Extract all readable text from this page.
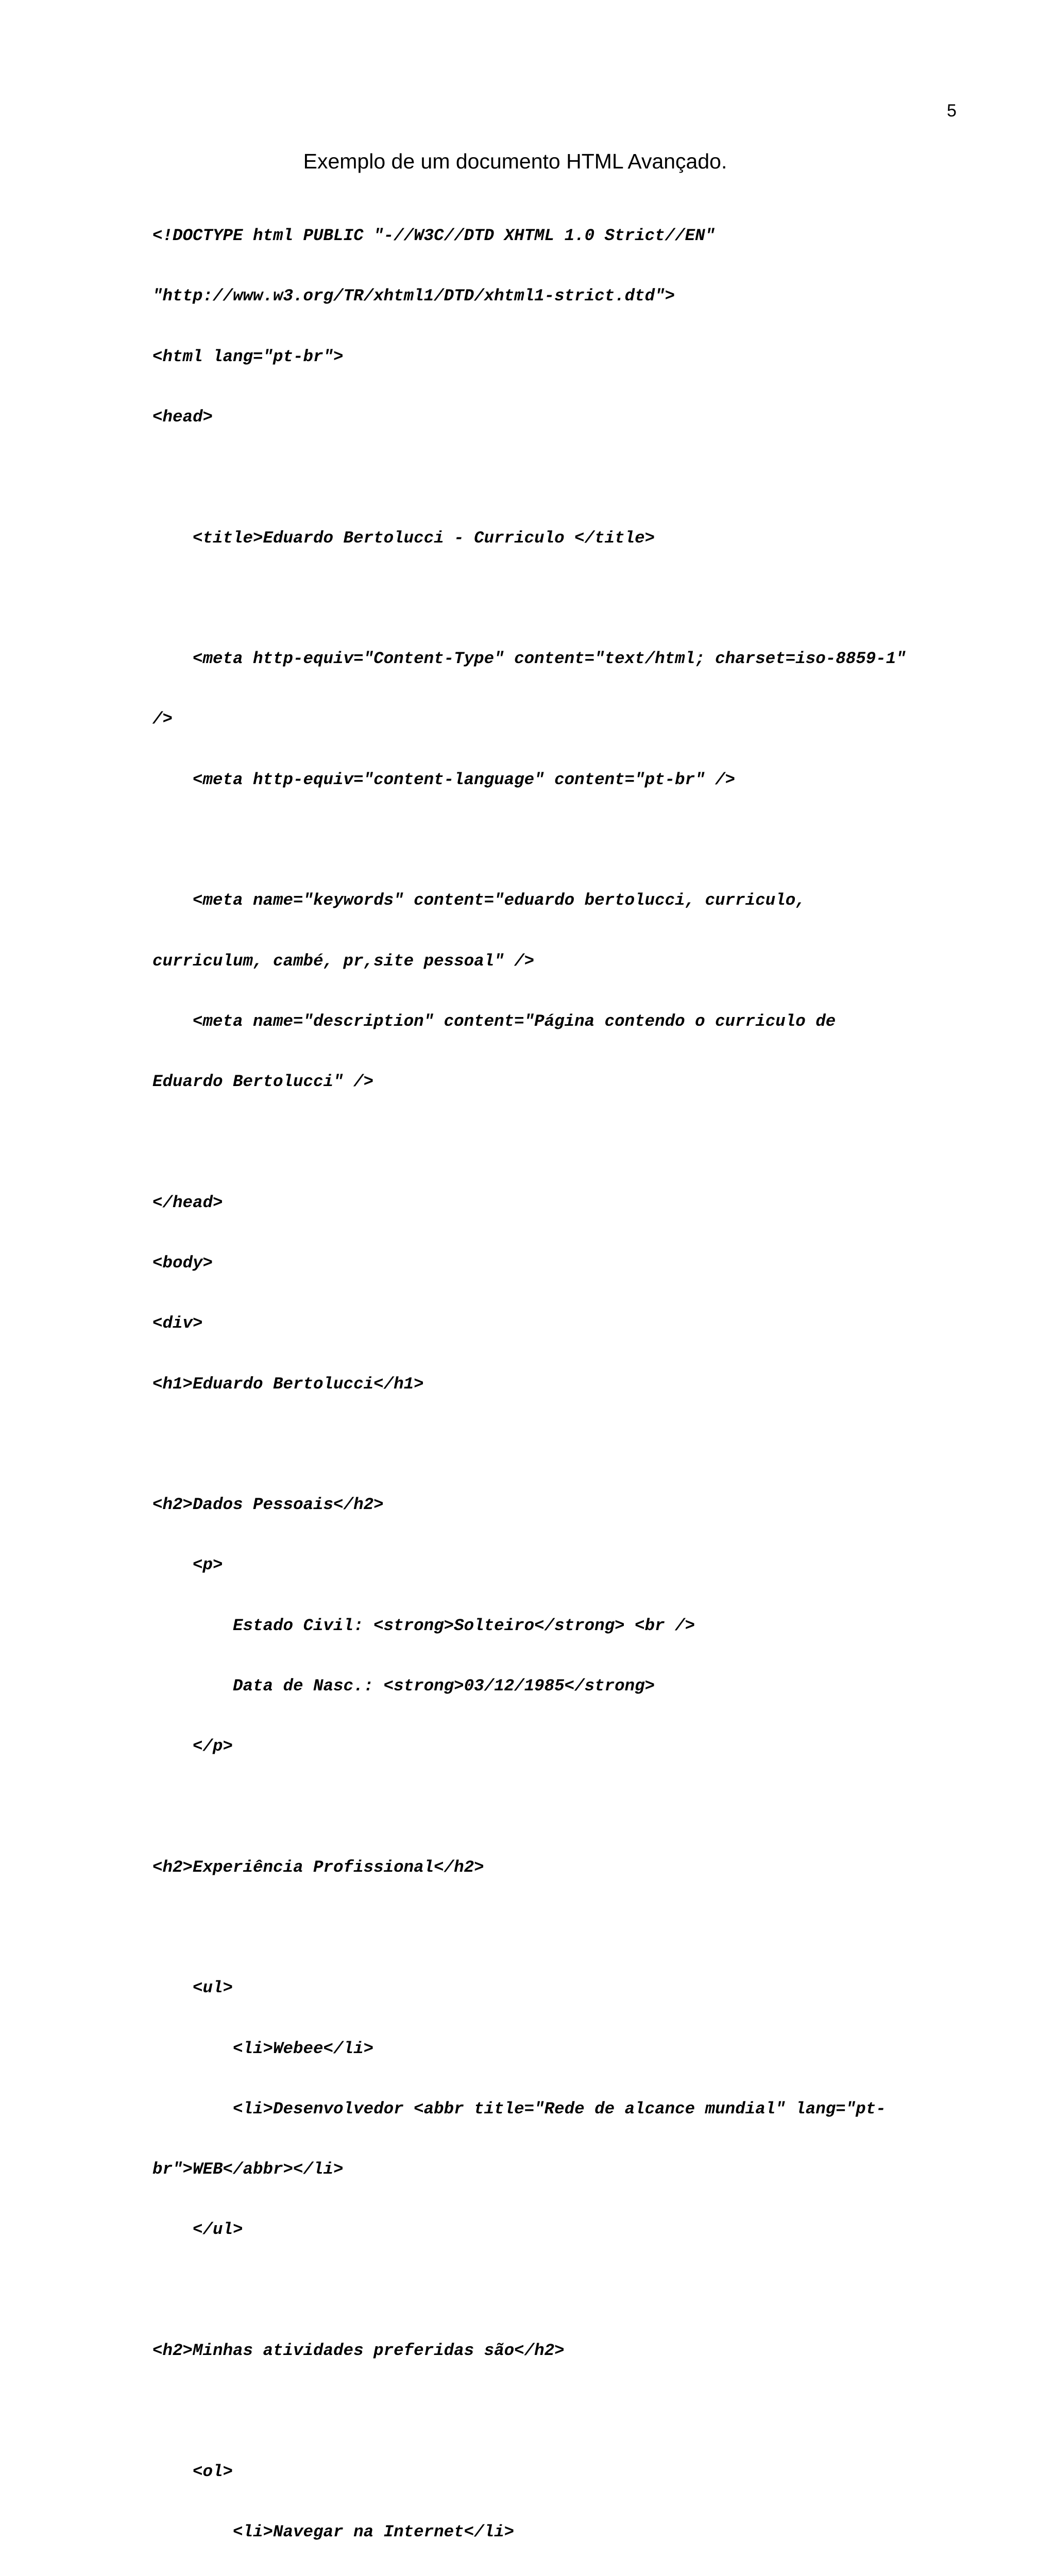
5
Exemplo de um documento HTML Avançado.

<!DOCTYPE html PUBLIC "-//W3C//DTD XHTML 1.0 Strict//EN"

"http://www.w3.org/TR/xhtml1/DTD/xhtml1-strict.dtd">

<html lang="pt-br">

<head>

<title>Eduardo Bertolucci - Curriculo </title>

<meta http-equiv="Content-Type" content="text/html; charset=iso-8859-1"

/>

<meta http-equiv="content-language" content="pt-br" />

<meta name="keywords" content="eduardo bertolucci, curriculo,

curriculum, cambé, pr,site pessoal" />

<meta name="description" content="Página contendo o curriculo de

Eduardo Bertolucci" />

</head>

<body>

<div>

<h1>Eduardo Bertolucci</h1>

<h2>Dados Pessoais</h2>

<p>

Estado Civil: <strong>Solteiro</strong> <br />

Data de Nasc.: <strong>03/12/1985</strong>

</p>

<h2>Experiência Profissional</h2>

<ul>

<li>Webee</li>

<li>Desenvolvedor <abbr title="Rede de alcance mundial" lang="pt-

br">WEB</abbr></li>

</ul>

<h2>Minhas atividades preferidas são</h2>

<ol>

<li>Navegar na Internet</li>
